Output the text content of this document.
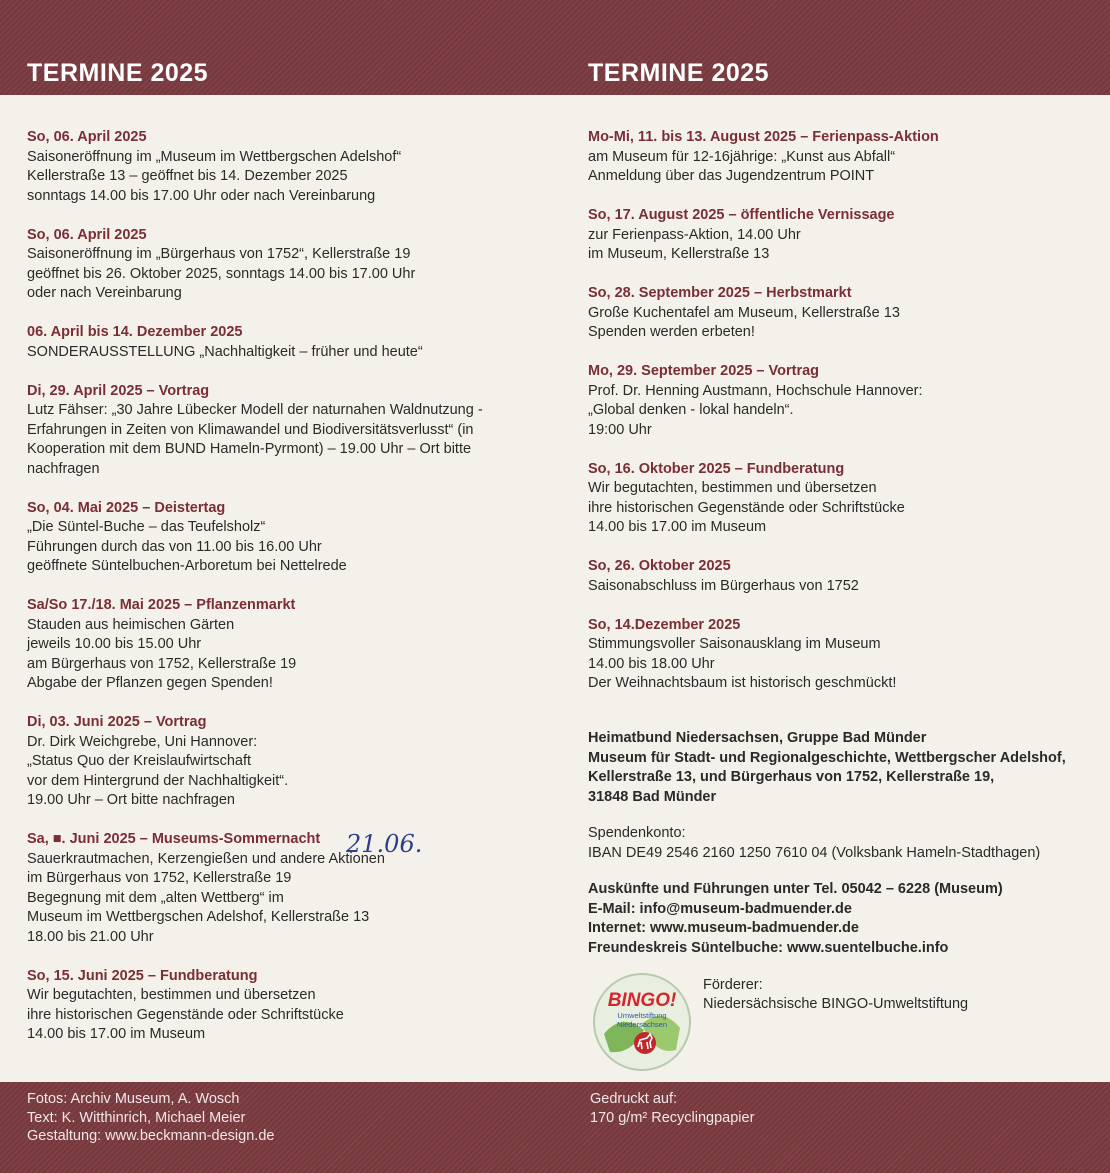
TERMINE 2025	TERMINE 2025
So, 06. April 2025
Saisoneröffnung im „Museum im Wettbergschen Adelshof“
Kellerstraße 13 – geöffnet bis 14. Dezember 2025
sonntags 14.00 bis 17.00 Uhr oder nach Vereinbarung
So, 06. April 2025
Saisoneröffnung im „Bürgerhaus von 1752“, Kellerstraße 19
geöffnet bis 26. Oktober 2025, sonntags 14.00 bis 17.00 Uhr
oder nach Vereinbarung
06. April bis 14. Dezember 2025
SONDERAUSSTELLUNG „Nachhaltigkeit – früher und heute“
Di, 29. April 2025 – Vortrag
Lutz Fähser: „30 Jahre Lübecker Modell der naturnahen Waldnutzung -
Erfahrungen in Zeiten von Klimawandel und Biodiversitätsverlusst“ (in
Kooperation mit dem BUND Hameln-Pyrmont) – 19.00 Uhr – Ort bitte
nachfragen
So, 04. Mai 2025 – Deistertag
„Die Süntel-Buche – das Teufelsholz“
Führungen durch das von 11.00 bis 16.00 Uhr
geöffnete Süntelbuchen-Arboretum bei Nettelrede
Sa/So 17./18. Mai 2025 – Pflanzenmarkt
Stauden aus heimischen Gärten
jeweils 10.00 bis 15.00 Uhr
am Bürgerhaus von 1752, Kellerstraße 19
Abgabe der Pflanzen gegen Spenden!
Di, 03. Juni 2025 – Vortrag
Dr. Dirk Weichgrebe, Uni Hannover:
„Status Quo der Kreislaufwirtschaft
vor dem Hintergrund der Nachhaltigkeit“.
19.00 Uhr – Ort bitte nachfragen
Sa, ■. Juni 2025 – Museums-Sommernacht
Sauerkrautmachen, Kerzengießen und andere Aktionen
im Bürgerhaus von 1752, Kellerstraße 19
Begegnung mit dem „alten Wettberg“ im
Museum im Wettbergschen Adelshof, Kellerstraße 13
18.00 bis 21.00 Uhr
So, 15. Juni 2025 – Fundberatung
Wir begutachten, bestimmen und übersetzen
ihre historischen Gegenstände oder Schriftstücke
14.00 bis 17.00 im Museum
Mo-Mi, 11. bis 13. August 2025 – Ferienpass-Aktion
am Museum für 12-16jährige: „Kunst aus Abfall“
Anmeldung über das Jugendzentrum POINT
So, 17. August 2025 – öffentliche Vernissage
zur Ferienpass-Aktion, 14.00 Uhr
im Museum, Kellerstraße 13
So, 28. September 2025 – Herbstmarkt
Große Kuchentafel am Museum, Kellerstraße 13
Spenden werden erbeten!
Mo, 29. September 2025 – Vortrag
Prof. Dr. Henning Austmann, Hochschule Hannover:
„Global denken - lokal handeln“.
19:00 Uhr
So, 16. Oktober 2025 – Fundberatung
Wir begutachten, bestimmen und übersetzen
ihre historischen Gegenstände oder Schriftstücke
14.00 bis 17.00 im Museum
So, 26. Oktober 2025
Saisonabschluss im Bürgerhaus von 1752
So, 14.Dezember 2025
Stimmungsvoller Saisonausklang im Museum
14.00 bis 18.00 Uhr
Der Weihnachtsbaum ist historisch geschmückt!
21.06.
Heimatbund Niedersachsen, Gruppe Bad Münder
Museum für Stadt- und Regionalgeschichte, Wettbergscher Adelshof,
Kellerstraße 13, und Bürgerhaus von 1752, Kellerstraße 19,
31848 Bad Münder
Spendenkonto:
IBAN DE49 2546 2160 1250 7610 04 (Volksbank Hameln-Stadthagen)
Auskünfte und Führungen unter Tel. 05042 – 6228 (Museum)
E-Mail: info@museum-badmuender.de
Internet: www.museum-badmuender.de
Freundeskreis Süntelbuche: www.suentelbuche.info
BINGO!
Umweltstiftung
Niedersachsen
Förderer:
Niedersächsische BINGO-Umweltstiftung
Fotos: Archiv Museum, A. Wosch
Text: K. Witthinrich, Michael Meier
Gestaltung: www.beckmann-design.de
Gedruckt auf:
170 g/m² Recyclingpapier
